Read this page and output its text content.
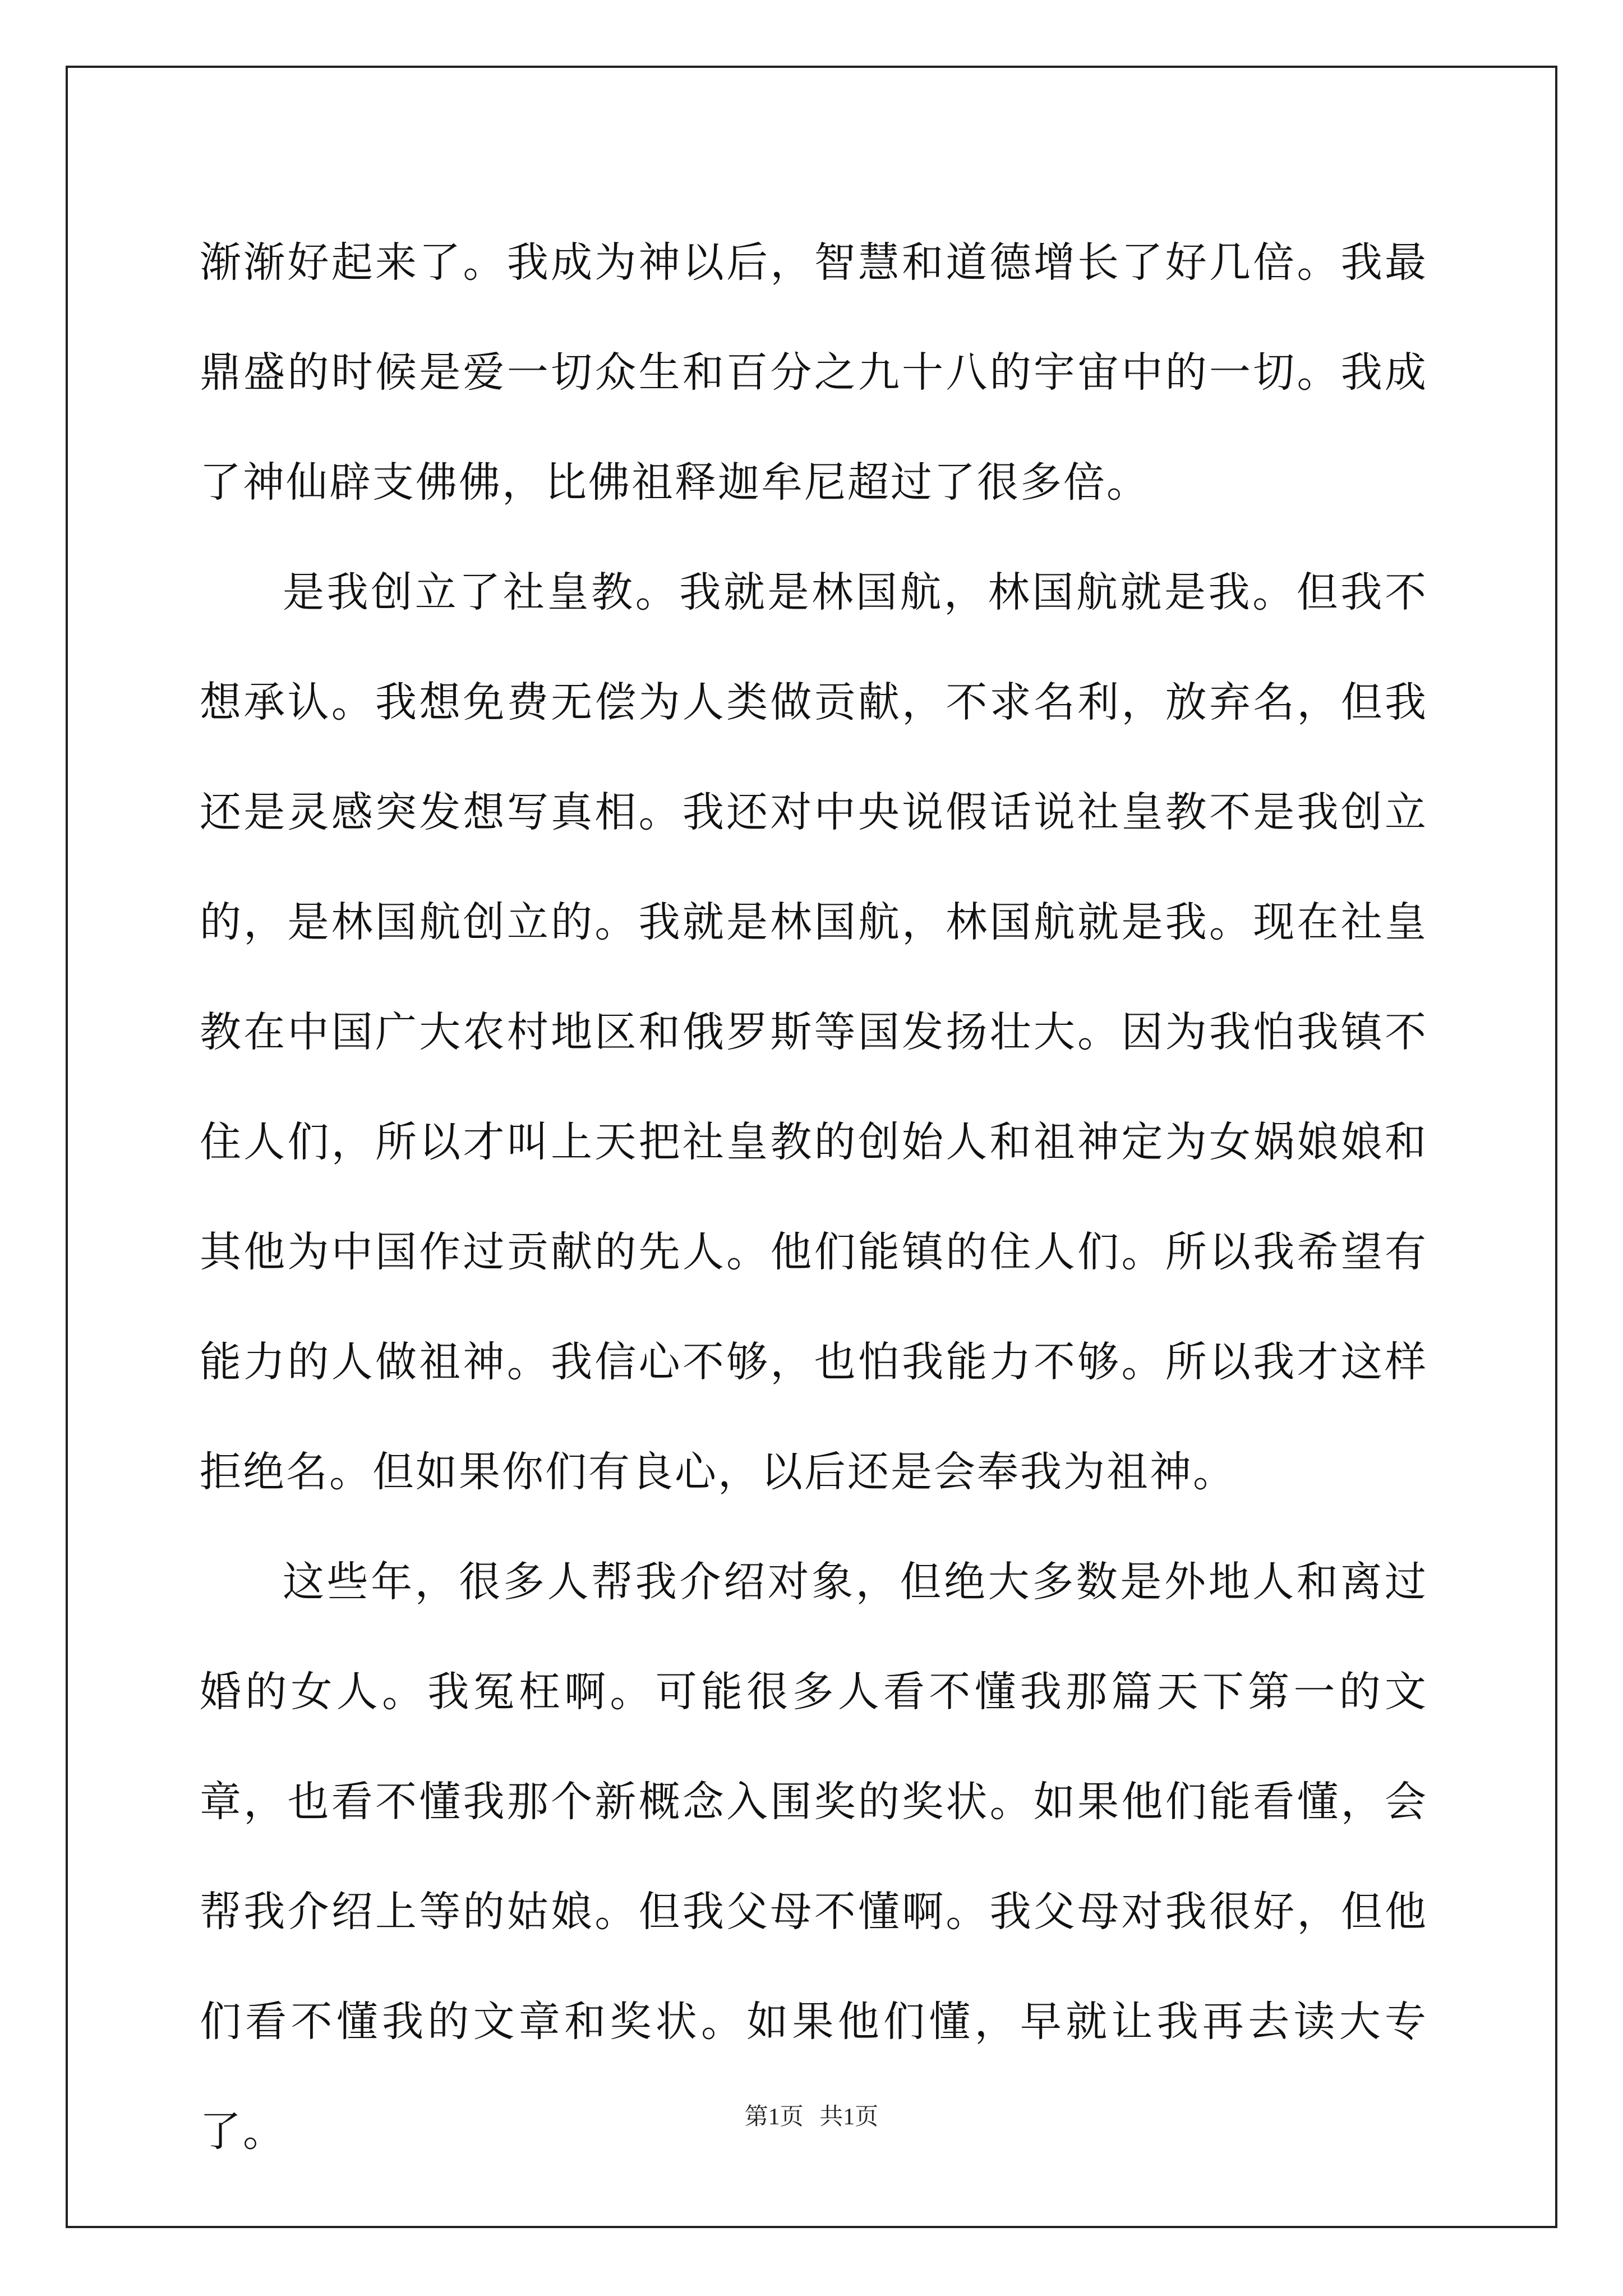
渐渐好起来了。我成为神以后，智慧和道德增长了好几倍。我最鼎盛的时候是爱一切众生和百分之九十八的宇宙中的一切。我成了神仙辟支佛佛，比佛祖释迦牟尼超过了很多倍。

是我创立了社皇教。我就是林国航，林国航就是我。但我不想承认。我想免费无偿为人类做贡献，不求名利，放弃名，但我还是灵感突发想写真相。我还对中央说假话说社皇教不是我创立的，是林国航创立的。我就是林国航，林国航就是我。现在社皇教在中国广大农村地区和俄罗斯等国发扬壮大。因为我怕我镇不住人们，所以才叫上天把社皇教的创始人和祖神定为女娲娘娘和其他为中国作过贡献的先人。他们能镇的住人们。所以我希望有能力的人做祖神。我信心不够，也怕我能力不够。所以我才这样拒绝名。但如果你们有良心，以后还是会奉我为祖神。

这些年，很多人帮我介绍对象，但绝大多数是外地人和离过婚的女人。我冤枉啊。可能很多人看不懂我那篇天下第一的文章，也看不懂我那个新概念入围奖的奖状。如果他们能看懂，会帮我介绍上等的姑娘。但我父母不懂啊。我父母对我很好，但他们看不懂我的文章和奖状。如果他们懂，早就让我再去读大专了。	第1页 共1页
